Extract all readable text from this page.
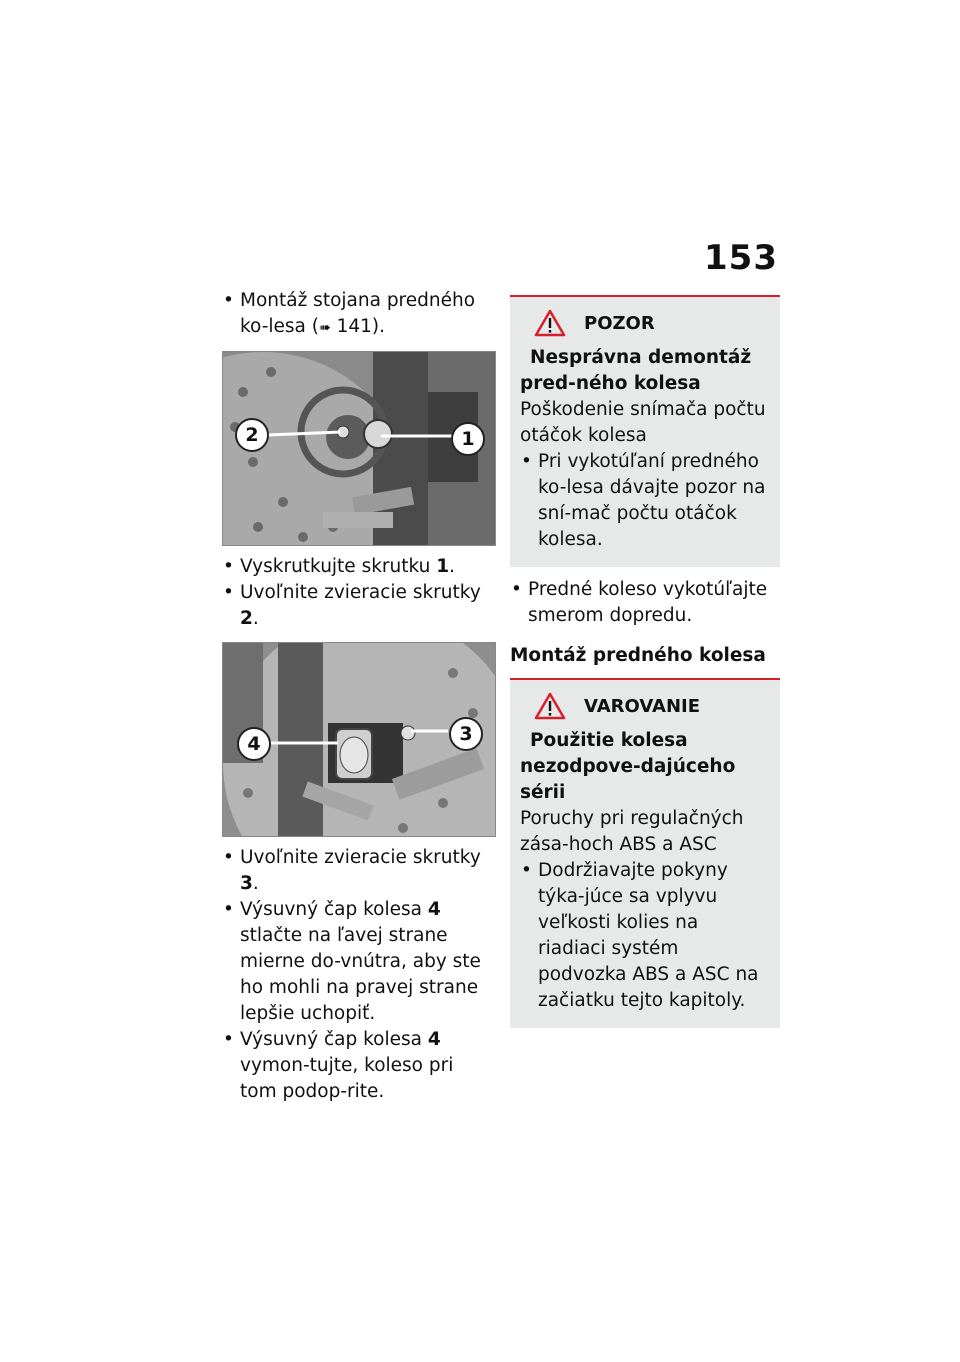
153
• Montáž stojana predného ko-lesa (➠ 141).
2	1
• Vyskrutkujte skrutku 1.
• Uvoľnite zvieracie skrutky 2.
4	3
• Uvoľnite zvieracie skrutky 3.
• Výsuvný čap kolesa 4 stlačte na ľavej strane mierne do-vnútra, aby ste ho mohli na pravej strane lepšie uchopiť.
• Výsuvný čap kolesa 4 vymon-tujte, koleso pri tom podop-rite.
POZOR
Nesprávna demontáž pred-ného kolesa
Poškodenie snímača počtu otáčok kolesa
• Pri vykotúľaní predného ko-lesa dávajte pozor na sní-mač počtu otáčok kolesa.
• Predné koleso vykotúľajte smerom dopredu.
Montáž predného kolesa
VAROVANIE
Použitie kolesa nezodpove-dajúceho sérii
Poruchy pri regulačných zása-hoch ABS a ASC
• Dodržiavajte pokyny týka-júce sa vplyvu veľkosti kolies na riadiaci systém podvozka ABS a ASC na začiatku tejto kapitoly.
